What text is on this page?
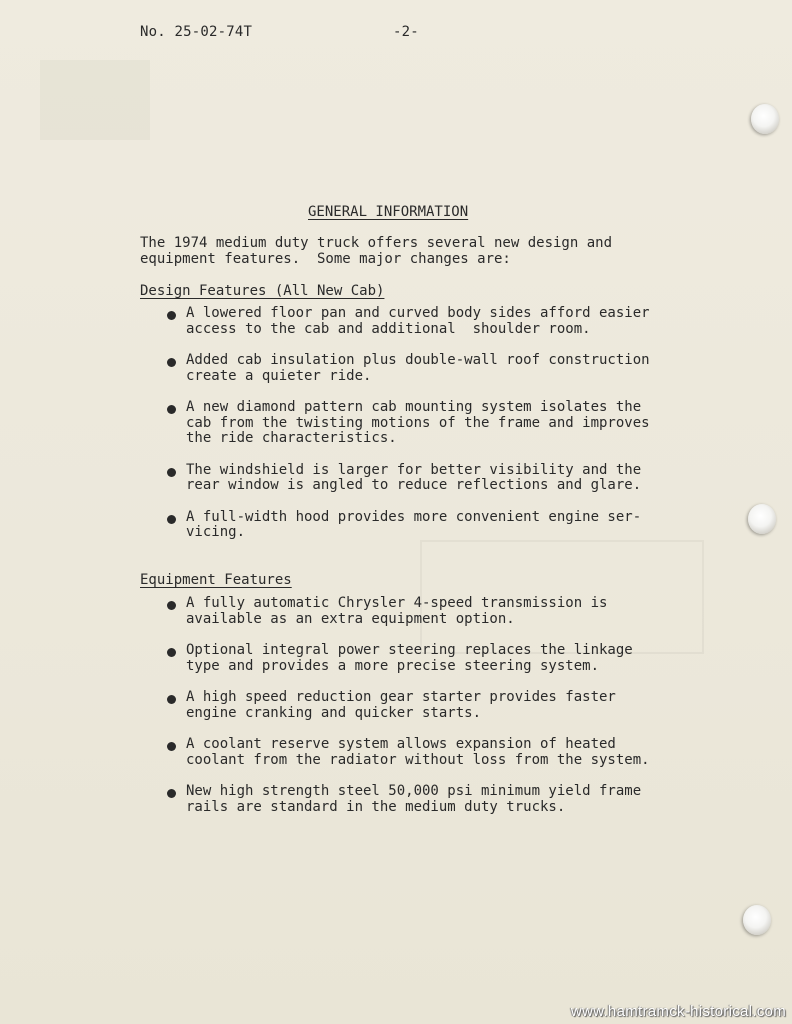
No. 25-02-74T	-2-
GENERAL INFORMATION
The 1974 medium duty truck offers several new design and
equipment features.  Some major changes are:
Design Features (All New Cab)
A lowered floor pan and curved body sides afford easier
access to the cab and additional  shoulder room.
Added cab insulation plus double-wall roof construction
create a quieter ride.
A new diamond pattern cab mounting system isolates the
cab from the twisting motions of the frame and improves
the ride characteristics.
The windshield is larger for better visibility and the
rear window is angled to reduce reflections and glare.
A full-width hood provides more convenient engine ser-
vicing.
Equipment Features
A fully automatic Chrysler 4-speed transmission is
available as an extra equipment option.
Optional integral power steering replaces the linkage
type and provides a more precise steering system.
A high speed reduction gear starter provides faster
engine cranking and quicker starts.
A coolant reserve system allows expansion of heated
coolant from the radiator without loss from the system.
New high strength steel 50,000 psi minimum yield frame
rails are standard in the medium duty trucks.
www.hamtramck-historical.com
